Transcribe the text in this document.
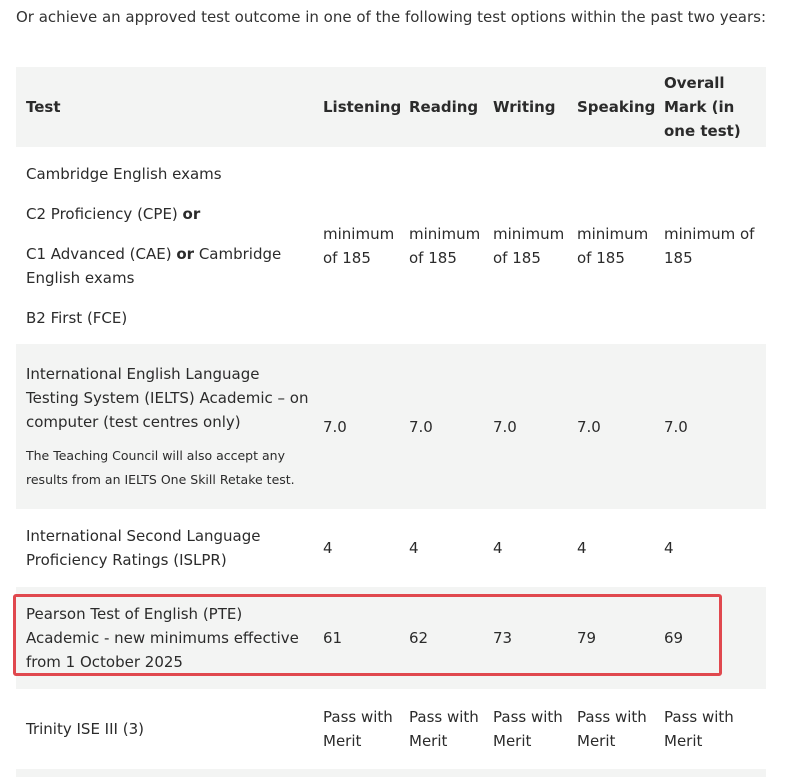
Or achieve an approved test outcome in one of the following test options within the past two years:

Test	Listening	Reading	Writing	Speaking	Overall Mark (in one test)

Cambridge English exams

C2 Proficiency (CPE) or

C1 Advanced (CAE) or Cambridge English exams

B2 First (FCE)	minimum of 185	minimum of 185	minimum of 185	minimum of 185	minimum of 185

International English Language Testing System (IELTS) Academic – on computer (test centres only)

The Teaching Council will also accept any results from an IELTS One Skill Retake test.	7.0	7.0	7.0	7.0	7.0
International Second Language Proficiency Ratings (ISLPR)	4	4	4	4	4
Pearson Test of English (PTE) Academic - new minimums effective from 1 October 2025	61	62	73	79	69
Trinity ISE III (3)	Pass with Merit	Pass with Merit	Pass with Merit	Pass with Merit	Pass with Merit
